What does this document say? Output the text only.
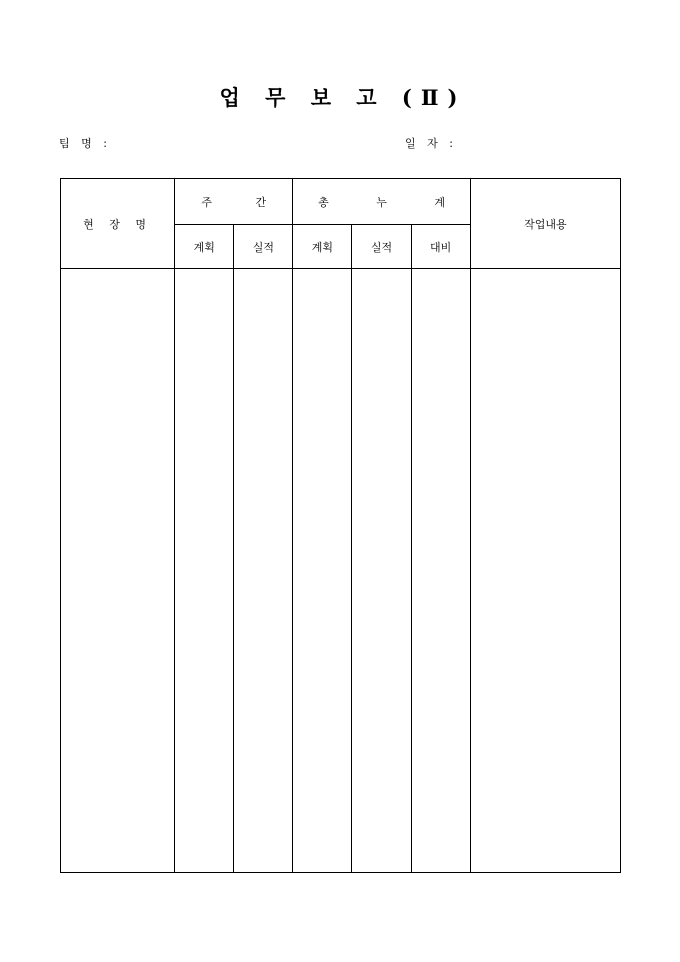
업 무 보 고 (Ⅱ)
팀 명 :	일 자 :
현 장 명	주 간		총 누 계			작업내용
	계획	실적	계획	실적	대비	
